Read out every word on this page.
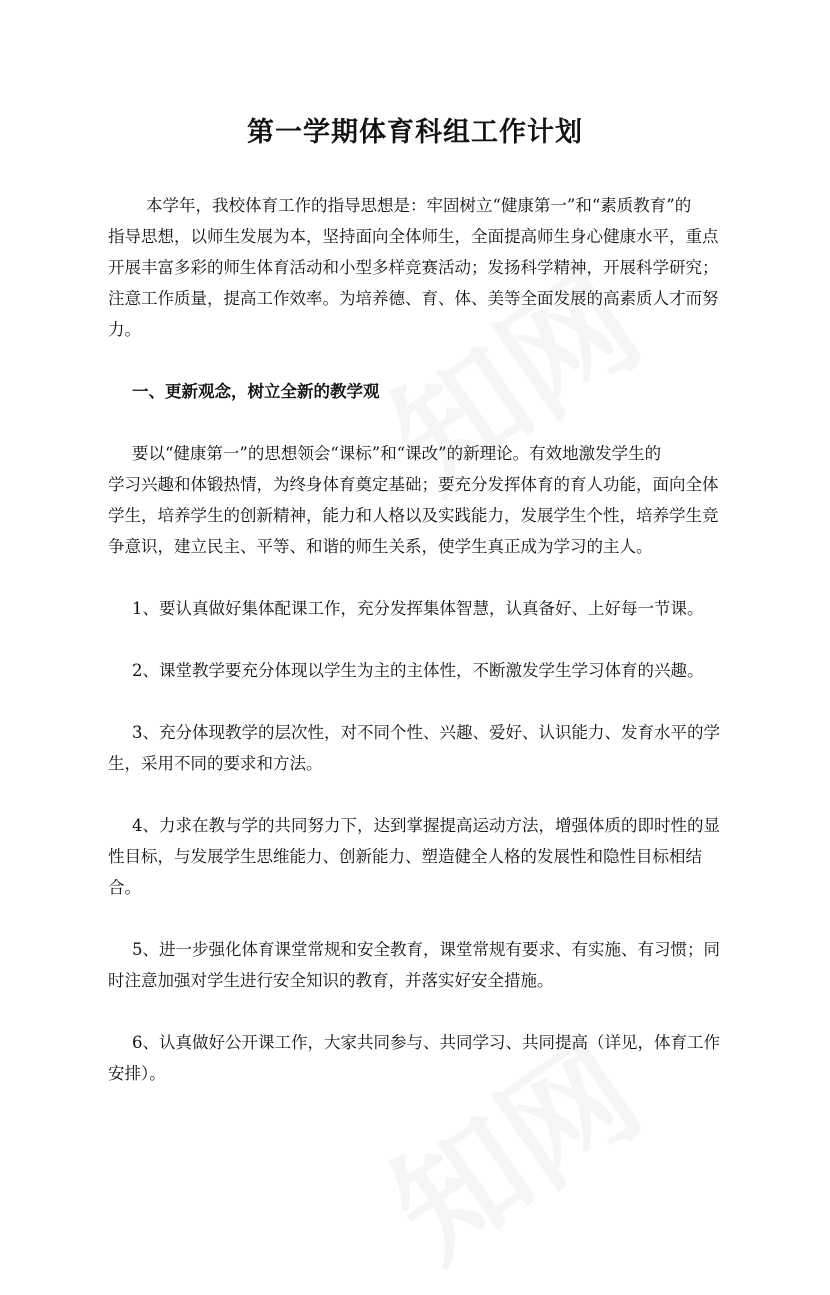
第一学期体育科组工作计划
本学年，我校体育工作的指导思想是：牢固树立“健康第一”和“素质教育”的
指导思想，以师生发展为本，坚持面向全体师生，全面提高师生身心健康水平，重点
开展丰富多彩的师生体育活动和小型多样竞赛活动；发扬科学精神，开展科学研究；
注意工作质量，提高工作效率。为培养德、育、体、美等全面发展的高素质人才而努
力。
一、更新观念，树立全新的教学观
要以“健康第一”的思想领会“课标”和“课改”的新理论。有效地激发学生的
学习兴趣和体锻热情，为终身体育奠定基础；要充分发挥体育的育人功能，面向全体
学生，培养学生的创新精神，能力和人格以及实践能力，发展学生个性，培养学生竞
争意识，建立民主、平等、和谐的师生关系，使学生真正成为学习的主人。
1、要认真做好集体配课工作，充分发挥集体智慧，认真备好、上好每一节课。
2、课堂教学要充分体现以学生为主的主体性，不断激发学生学习体育的兴趣。
3、充分体现教学的层次性，对不同个性、兴趣、爱好、认识能力、发育水平的学
生，采用不同的要求和方法。
4、力求在教与学的共同努力下，达到掌握提高运动方法，增强体质的即时性的显
性目标，与发展学生思维能力、创新能力、塑造健全人格的发展性和隐性目标相结
合。
5、进一步强化体育课堂常规和安全教育，课堂常规有要求、有实施、有习惯；同
时注意加强对学生进行安全知识的教育，并落实好安全措施。
6、认真做好公开课工作，大家共同参与、共同学习、共同提高（详见，体育工作
安排）。
